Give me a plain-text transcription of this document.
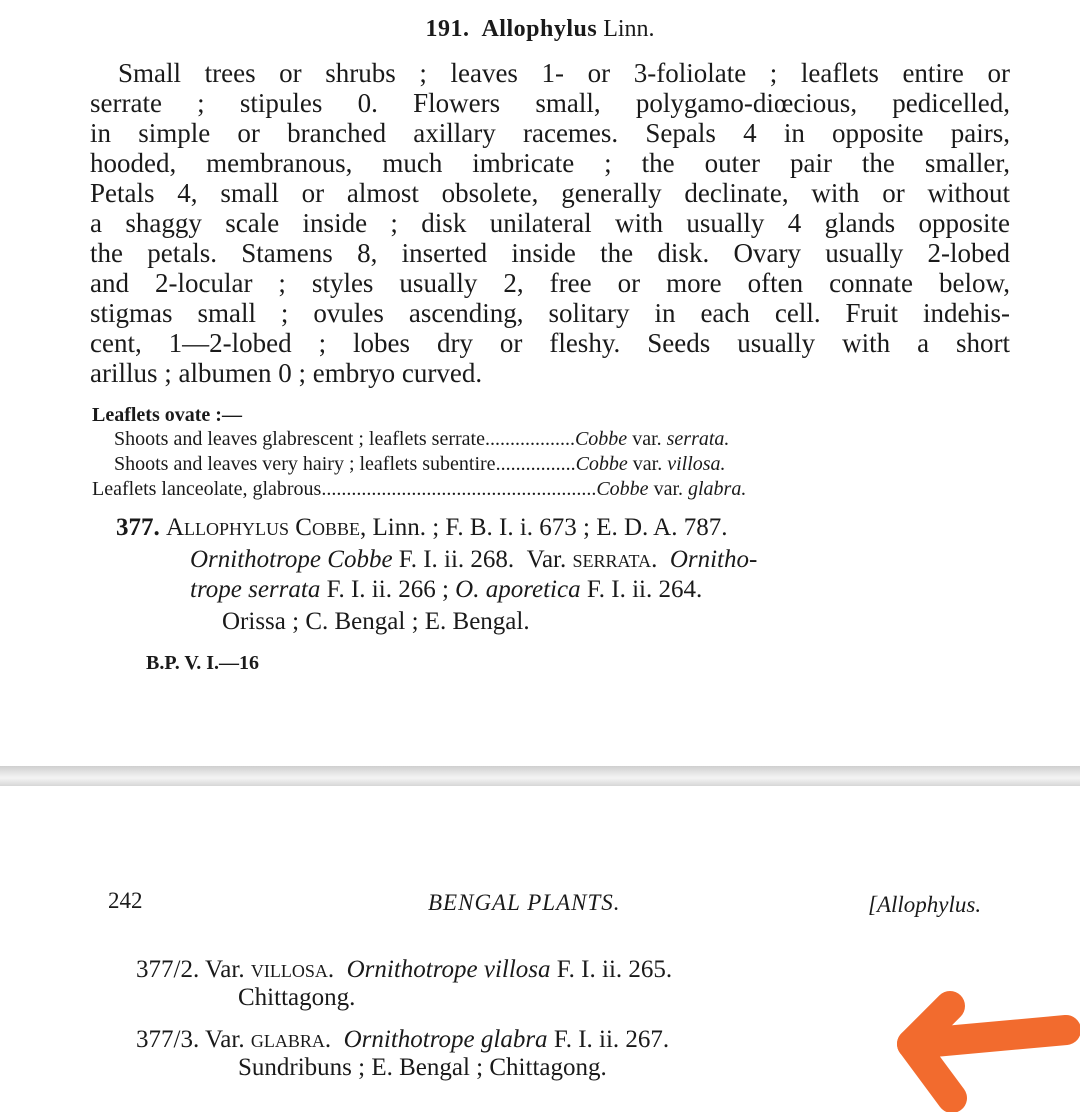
191. Allophylus Linn.
Small trees or shrubs ; leaves 1- or 3-foliolate ; leaflets entire or
serrate ; stipules 0. Flowers small, polygamo-diœcious, pedicelled,
in simple or branched axillary racemes. Sepals 4 in opposite pairs,
hooded, membranous, much imbricate ; the outer pair the smaller,
Petals 4, small or almost obsolete, generally declinate, with or without
a shaggy scale inside ; disk unilateral with usually 4 glands opposite
the petals. Stamens 8, inserted inside the disk. Ovary usually 2-lobed
and 2-locular ; styles usually 2, free or more often connate below,
stigmas small ; ovules ascending, solitary in each cell. Fruit indehis-
cent, 1—2-lobed ; lobes dry or fleshy. Seeds usually with a short
arillus ; albumen 0 ; embryo curved.
Leaflets ovate :—
Shoots and leaves glabrescent ; leaflets serrate..................Cobbe var. serrata.
Shoots and leaves very hairy ; leaflets subentire................Cobbe var. villosa.
Leaflets lanceolate, glabrous.......................................................Cobbe var. glabra.
377. Allophylus Cobbe, Linn. ; F. B. I. i. 673 ; E. D. A. 787.
Ornithotrope Cobbe F. I. ii. 268. Var. serrata. Ornitho-
trope serrata F. I. ii. 266 ; O. aporetica F. I. ii. 264.
Orissa ; C. Bengal ; E. Bengal.
B.P. V. I.—16
242	BENGAL PLANTS.	[Allophylus.
377/2. Var. villosa. Ornithotrope villosa F. I. ii. 265.
Chittagong.
377/3. Var. glabra. Ornithotrope glabra F. I. ii. 267.
Sundribuns ; E. Bengal ; Chittagong.
